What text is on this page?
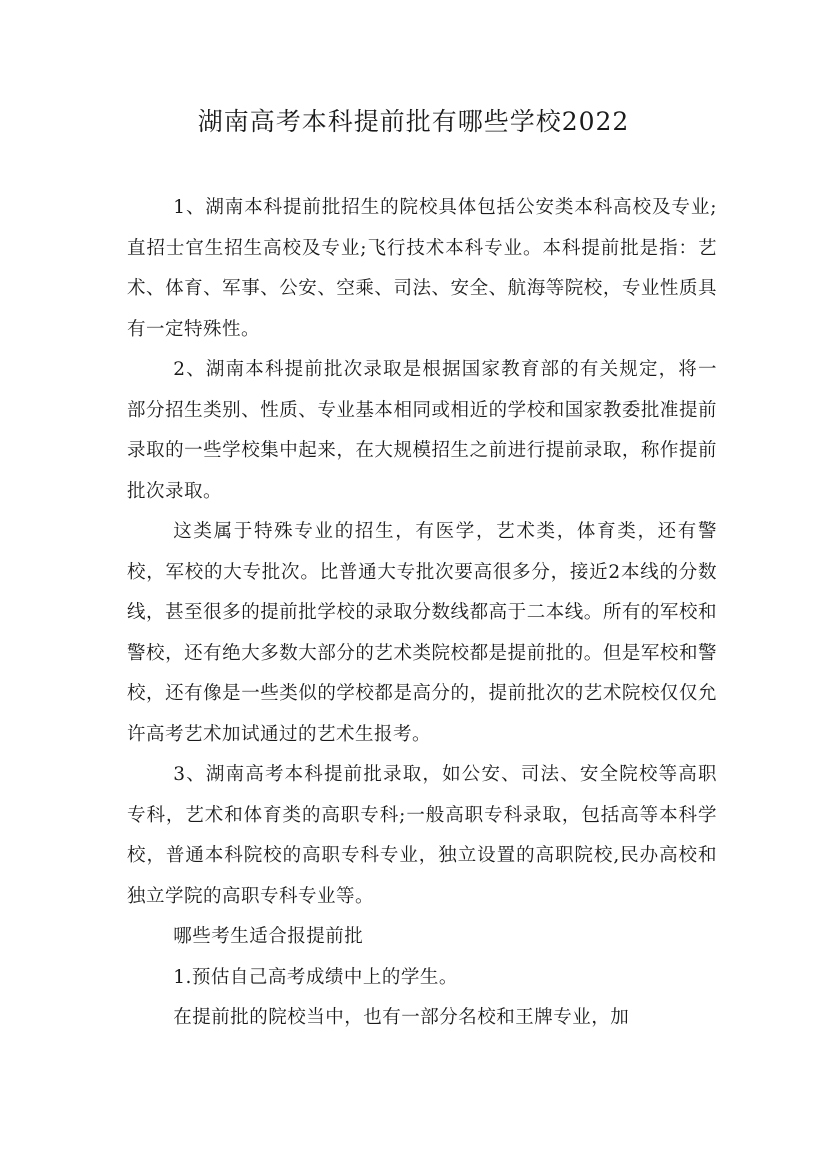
湖南高考本科提前批有哪些学校2022

1、湖南本科提前批招生的院校具体包括公安类本科高校及专业;直招士官生招生高校及专业;飞行技术本科专业。本科提前批是指：艺术、体育、军事、公安、空乘、司法、安全、航海等院校，专业性质具有一定特殊性。

2、湖南本科提前批次录取是根据国家教育部的有关规定，将一部分招生类别、性质、专业基本相同或相近的学校和国家教委批准提前录取的一些学校集中起来，在大规模招生之前进行提前录取，称作提前批次录取。

这类属于特殊专业的招生，有医学，艺术类，体育类，还有警校，军校的大专批次。比普通大专批次要高很多分，接近2本线的分数线，甚至很多的提前批学校的录取分数线都高于二本线。所有的军校和警校，还有绝大多数大部分的艺术类院校都是提前批的。但是军校和警校，还有像是一些类似的学校都是高分的，提前批次的艺术院校仅仅允许高考艺术加试通过的艺术生报考。

3、湖南高考本科提前批录取，如公安、司法、安全院校等高职专科，艺术和体育类的高职专科;一般高职专科录取，包括高等本科学校，普通本科院校的高职专科专业，独立设置的高职院校,民办高校和独立学院的高职专科专业等。

哪些考生适合报提前批

1.预估自己高考成绩中上的学生。

在提前批的院校当中，也有一部分名校和王牌专业，加
